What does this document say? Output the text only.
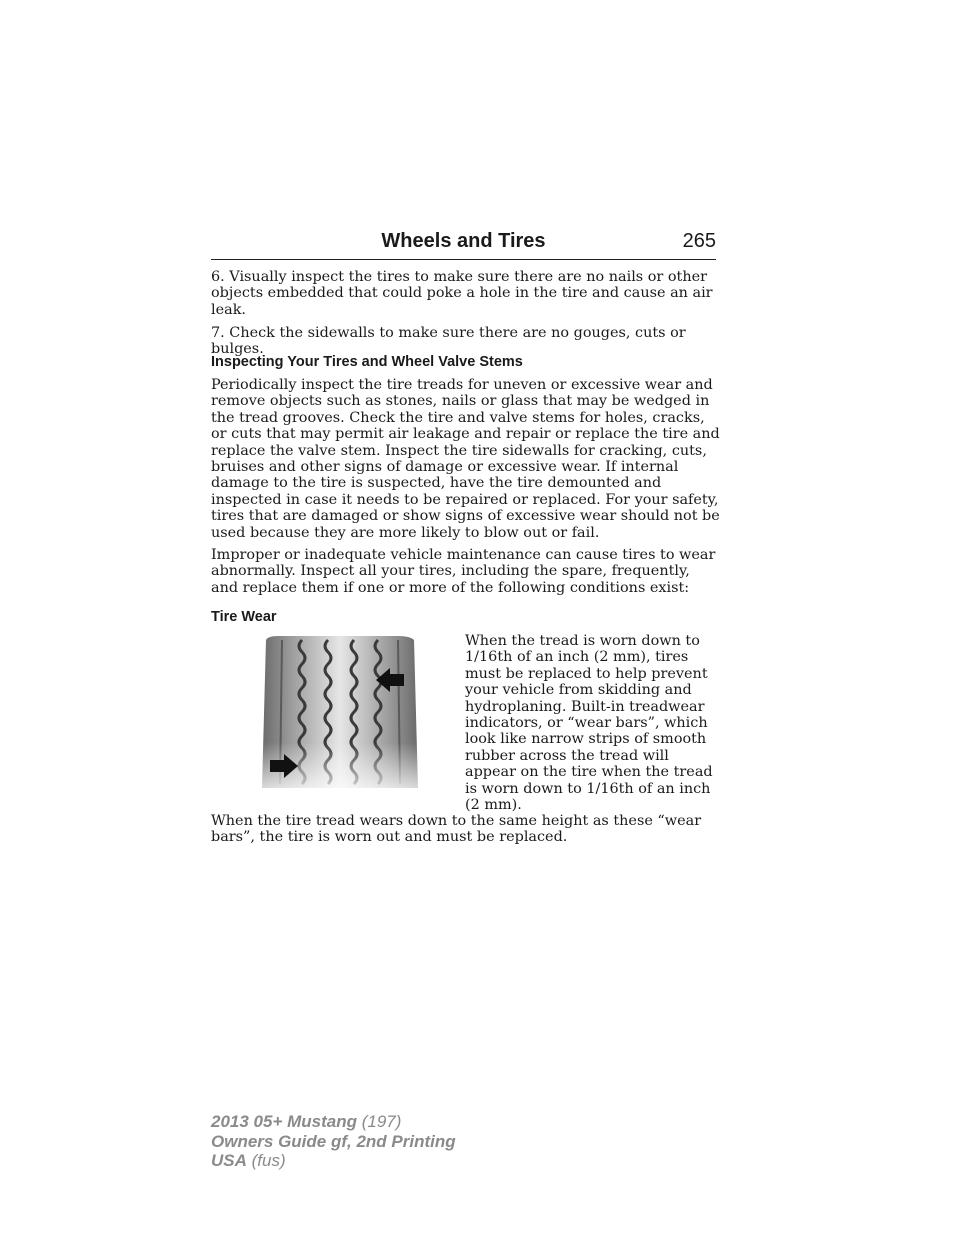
Wheels and Tires	265

6. Visually inspect the tires to make sure there are no nails or other objects embedded that could poke a hole in the tire and cause an air leak.

7. Check the sidewalls to make sure there are no gouges, cuts or bulges.

Inspecting Your Tires and Wheel Valve Stems

Periodically inspect the tire treads for uneven or excessive wear and remove objects such as stones, nails or glass that may be wedged in the tread grooves. Check the tire and valve stems for holes, cracks, or cuts that may permit air leakage and repair or replace the tire and replace the valve stem. Inspect the tire sidewalls for cracking, cuts, bruises and other signs of damage or excessive wear. If internal damage to the tire is suspected, have the tire demounted and inspected in case it needs to be repaired or replaced. For your safety, tires that are damaged or show signs of excessive wear should not be used because they are more likely to blow out or fail.

Improper or inadequate vehicle maintenance can cause tires to wear abnormally. Inspect all your tires, including the spare, frequently, and replace them if one or more of the following conditions exist:

Tire Wear

When the tread is worn down to 1/16th of an inch (2 mm), tires must be replaced to help prevent your vehicle from skidding and hydroplaning. Built-in treadwear indicators, or “wear bars”, which look like narrow strips of smooth rubber across the tread will appear on the tire when the tread is worn down to 1/16th of an inch (2 mm).

When the tire tread wears down to the same height as these “wear bars”, the tire is worn out and must be replaced.

2013 05+ Mustang (197)
Owners Guide gf, 2nd Printing
USA (fus)
